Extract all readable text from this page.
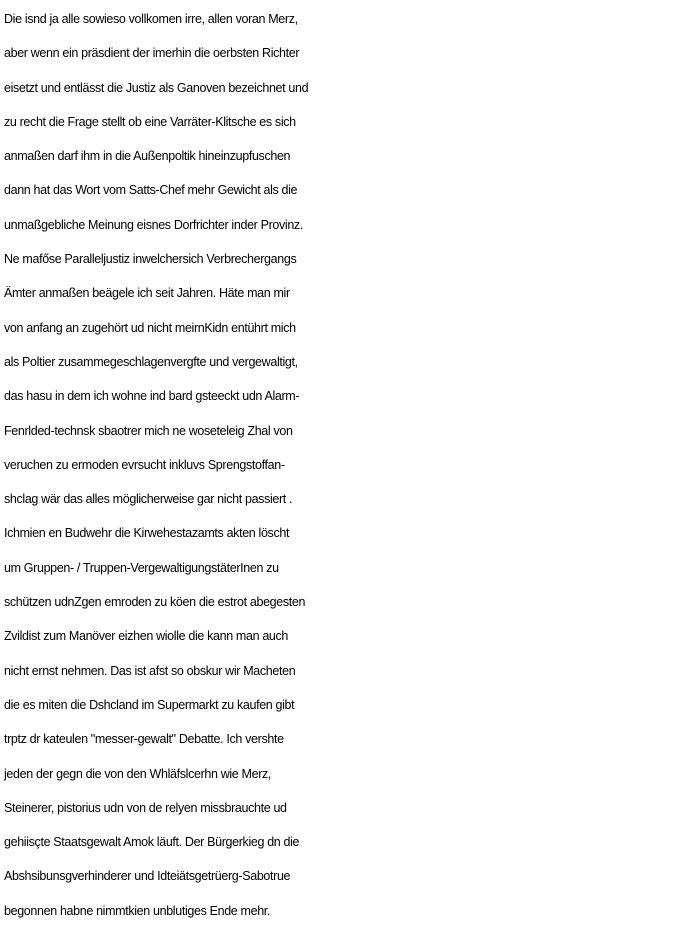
Die isnd ja alle sowieso vollkomen irre, allen voran Merz,
aber wenn ein präsdient der imerhin die oerbsten Richter
eisetzt und entlässt die Justiz als Ganoven bezeichnet und
zu recht die Frage stellt ob eine Varräter-Klitsche es sich
anmaßen darf ihm in die Außenpoltik hineinzupfuschen
dann hat das Wort vom Satts-Chef mehr Gewicht als die
unmaßgebliche Meinung eisnes Dorfrichter inder Provinz.
Ne mafőse Paralleljustiz inwelchersich Verbrechergangs
Ämter anmaßen beägele ich seit Jahren. Häte man mir
von anfang an zugehört ud nicht meirnKidn entührt mich
als Poltier zusammegeschlagenvergfte und vergewaltigt,
das hasu in dem ich wohne ind bard gsteeckt udn Alarm-
Fenrlded-technsk sbaotrer mich ne woseteleig Zhal von
veruchen zu ermoden evrsucht inkluvs Sprengstoffan-
shclag wär das alles möglicherweise gar nicht passiert .
Ichmien en Budwehr die Kirwehestazamts akten löscht
um Gruppen- / Truppen-VergewaltigungstäterInen zu
schützen udnZgen emroden zu köen die estrot abegesten
Zvildist zum Manöver eizhen wiolle die kann man auch
nicht ernst nehmen. Das ist afst so obskur wir Macheten
die es miten die Dshcland im Supermarkt zu kaufen gibt
trptz dr kateulen "messer-gewalt" Debatte. Ich vershte
jeden der gegn die von den Whläfslcerhn wie Merz,
Steinerer, pistorius udn von de relyen missbrauchte ud
gehiisçte Staatsgewalt Amok läuft. Der Bürgerkieg dn die
Abshsibunsgverhinderer und Idteiätsgetrüerg-Sabotrue
begonnen habne nimmtkien unblutiges Ende mehr.
